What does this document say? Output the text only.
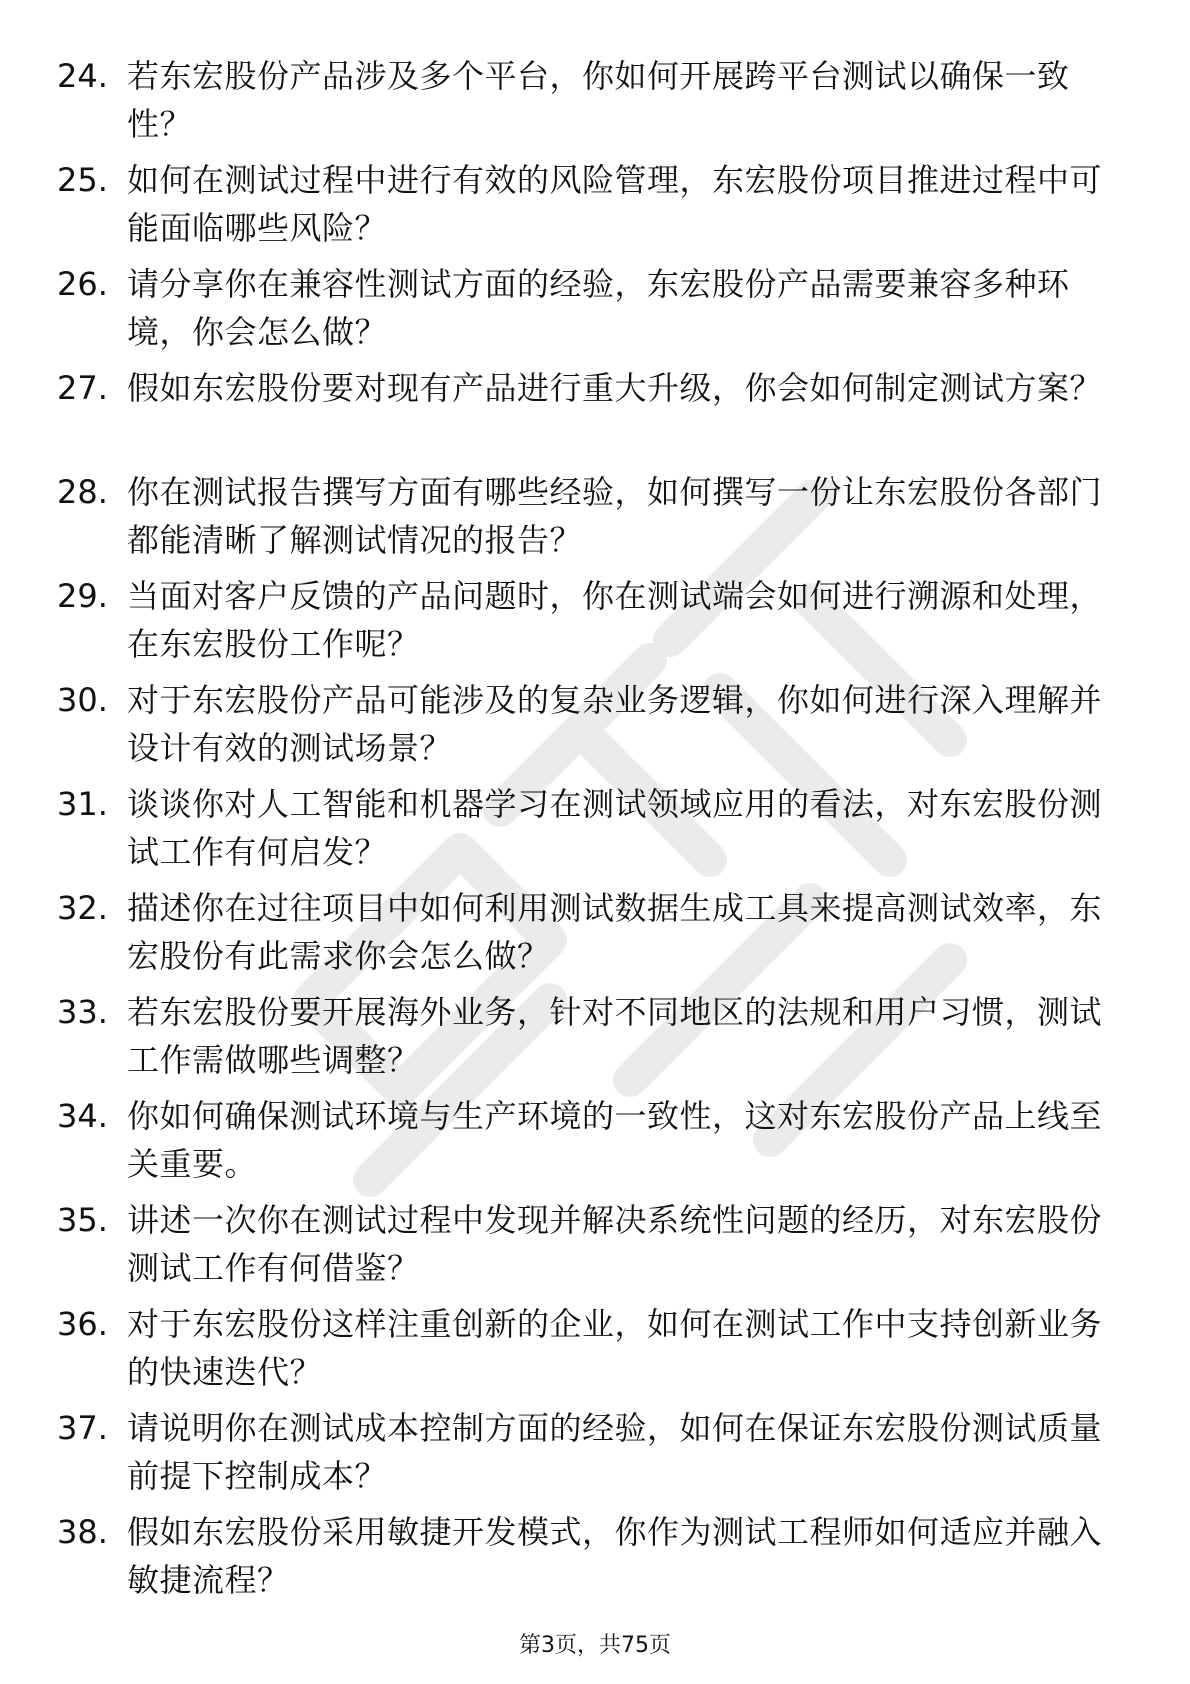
24. 若东宏股份产品涉及多个平台，你如何开展跨平台测试以确保一致性？
25. 如何在测试过程中进行有效的风险管理，东宏股份项目推进过程中可能面临哪些风险？
26. 请分享你在兼容性测试方面的经验，东宏股份产品需要兼容多种环境，你会怎么做？
27. 假如东宏股份要对现有产品进行重大升级，你会如何制定测试方案？
28. 你在测试报告撰写方面有哪些经验，如何撰写一份让东宏股份各部门都能清晰了解测试情况的报告？
29. 当面对客户反馈的产品问题时，你在测试端会如何进行溯源和处理，在东宏股份工作呢？
30. 对于东宏股份产品可能涉及的复杂业务逻辑，你如何进行深入理解并设计有效的测试场景？
31. 谈谈你对人工智能和机器学习在测试领域应用的看法，对东宏股份测试工作有何启发？
32. 描述你在过往项目中如何利用测试数据生成工具来提高测试效率，东宏股份有此需求你会怎么做？
33. 若东宏股份要开展海外业务，针对不同地区的法规和用户习惯，测试工作需做哪些调整？
34. 你如何确保测试环境与生产环境的一致性，这对东宏股份产品上线至关重要。
35. 讲述一次你在测试过程中发现并解决系统性问题的经历，对东宏股份测试工作有何借鉴？
36. 对于东宏股份这样注重创新的企业，如何在测试工作中支持创新业务的快速迭代？
37. 请说明你在测试成本控制方面的经验，如何在保证东宏股份测试质量前提下控制成本？
38. 假如东宏股份采用敏捷开发模式，你作为测试工程师如何适应并融入敏捷流程？
第3页，共75页
